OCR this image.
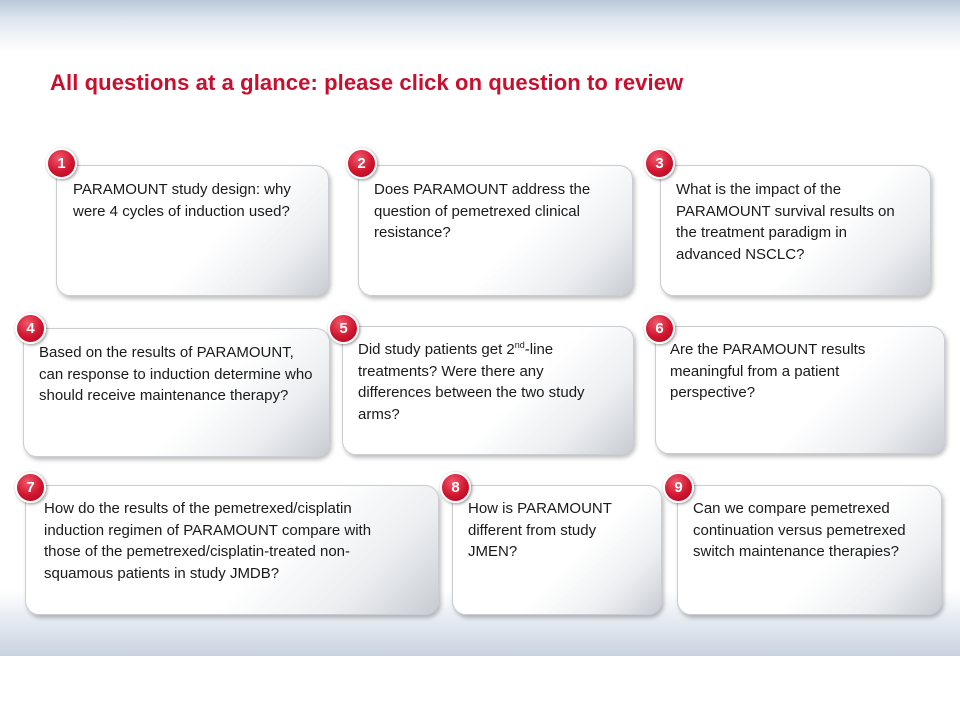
All questions at a glance: please click on question to review
PARAMOUNT study design: why were 4 cycles of induction used?
1
Does PARAMOUNT address the question of pemetrexed clinical resistance?
2
What is the impact of the PARAMOUNT survival results on the treatment paradigm in advanced NSCLC?
3
Based on the results of PARAMOUNT, can response to induction determine who should receive maintenance therapy?
4
Did study patients get 2nd-line treatments? Were there any differences between the two study arms?
5
Are the PARAMOUNT results meaningful from a patient perspective?
6
How do the results of the pemetrexed/cisplatin induction regimen of PARAMOUNT compare with those of the pemetrexed/cisplatin-treated non-squamous patients in study JMDB?
7
How is PARAMOUNT different from study JMEN?
8
Can we compare pemetrexed continuation versus pemetrexed switch maintenance therapies?
9
